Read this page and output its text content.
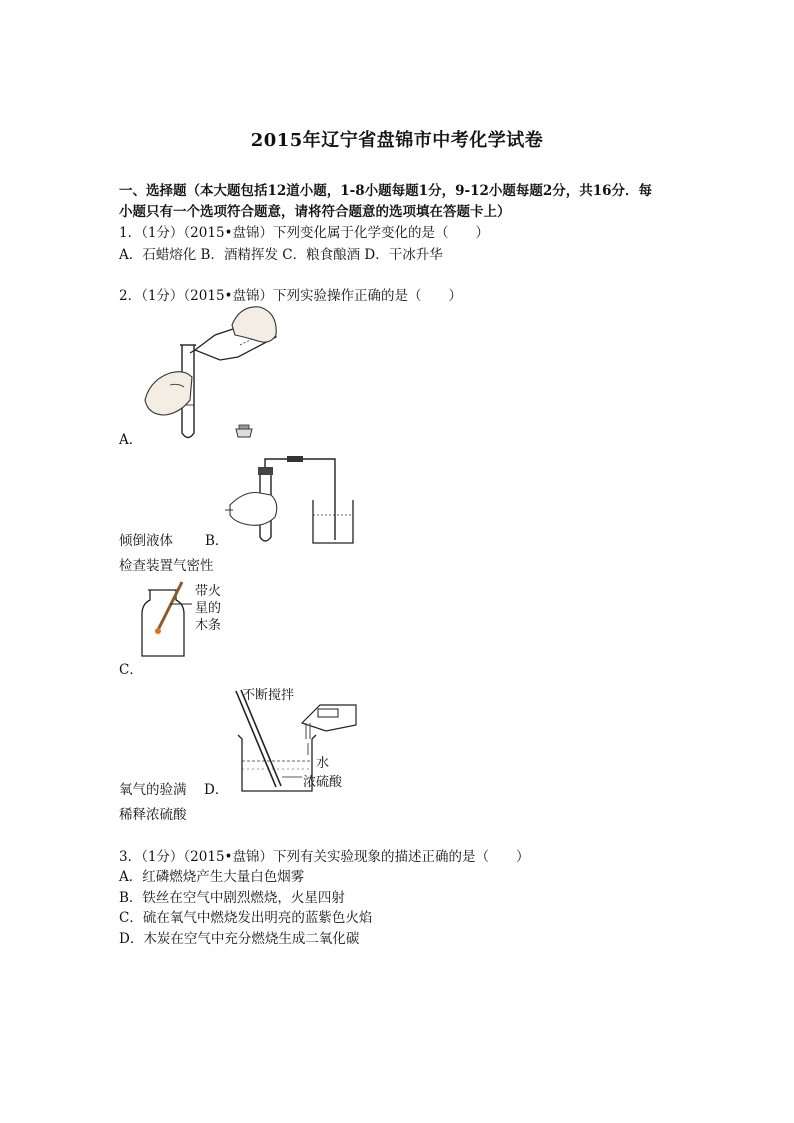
2015年辽宁省盘锦市中考化学试卷
一、选择题（本大题包括12道小题，1-8小题每题1分，9-12小题每题2分，共16分．每
小题只有一个选项符合题意，请将符合题意的选项填在答题卡上）
1．（1分）（2015•盘锦）下列变化属于化学变化的是（　　）
A．石蜡熔化 B．酒精挥发 C．粮食酿酒 D．干冰升华
2．（1分）（2015•盘锦）下列实验操作正确的是（　　）
A．
倾倒液体 B．
检查装置气密性
带火
星的
木条
C．
不断搅拌
水
浓硫酸
氧气的验满 D．
稀释浓硫酸
3．（1分）（2015•盘锦）下列有关实验现象的描述正确的是（　　）
A．红磷燃烧产生大量白色烟雾
B．铁丝在空气中剧烈燃烧，火星四射
C．硫在氧气中燃烧发出明亮的蓝紫色火焰
D．木炭在空气中充分燃烧生成二氧化碳
